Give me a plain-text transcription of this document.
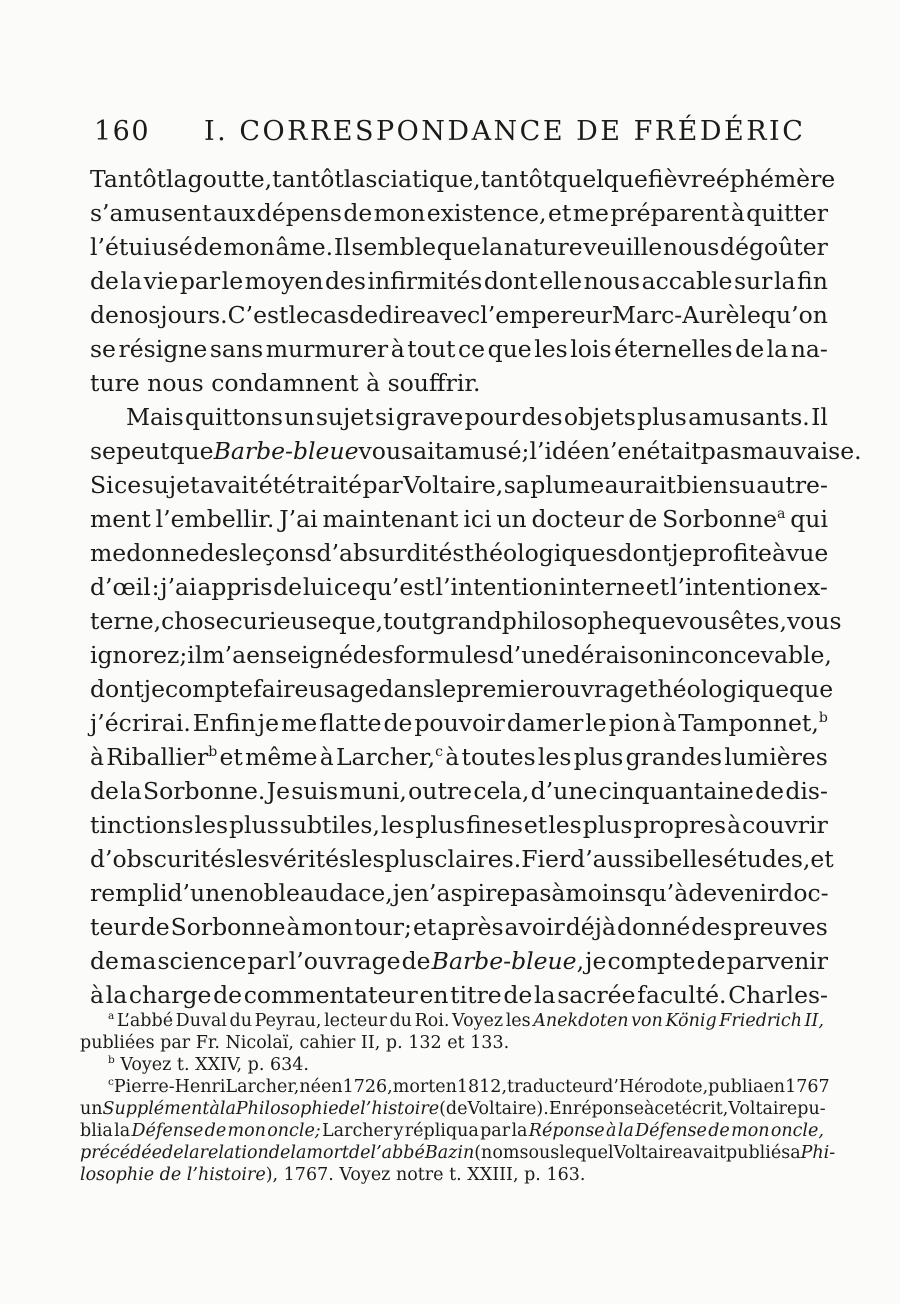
160	I. CORRESPONDANCE DE FRÉDÉRIC
Tantôt la goutte, tantôt la sciatique, tantôt quelque fièvre éphémère
s’amusent aux dépens de mon existence, et me préparent à quitter
l’étui usé de mon âme. Il semble que la nature veuille nous dégoûter
de la vie par le moyen des infirmités dont elle nous accable sur la fin
de nos jours. C’est le cas de dire avec l’empereur Marc-Aurèle qu’on
se résigne sans murmurer à tout ce que les lois éternelles de la na-
ture
nous
condamnent
à
souffrir.

Mais quittons un sujet si grave pour des objets plus amusants. Il
se peut que Barbe-bleue vous ait amusé; l’idée n’en était pas mauvaise.
Si ce sujet avait été traité par Voltaire, sa plume aurait bien su autre-
ment l’embellir. J’ai maintenant ici un docteur de Sorbonne$^a$ qui
me donne des leçons d’absurdités théologiques dont je profite à vue
d’œil : j’ai appris de lui ce qu’est l’intention interne et l’intention ex-
terne, chose curieuse que, tout grand philosophe que vous êtes, vous
ignorez; il m’a enseigné des formules d’une déraison inconcevable,
dont je compte faire usage dans le premier ouvrage théologique que
j’écrirai. Enfin je me flatte de pouvoir damer le pion à Tamponnet,$^b$
à Riballier$^b$ et même à Larcher,$^c$ à toutes les plus grandes lumières
de la Sorbonne. Je suis muni, outre cela, d’une cinquantaine de dis-
tinctions les plus subtiles, les plus fines et les plus propres à couvrir
d’obscurités les vérités les plus claires. Fier d’aussi belles études, et
rempli d’une noble audace, je n’aspire pas à moins qu’à devenir doc-
teur de Sorbonne à mon tour; et après avoir déjà donné des preuves
de ma science par l’ouvrage de Barbe-bleue, je compte de parvenir
à la charge de commentateur en titre de la sacrée faculté. Charles-
$^a$ L’abbé Duval du Peyrau, lecteur du Roi. Voyez les Anekdoten von König Friedrich II,
publiées
par
Fr.
Nicolaï,
cahier
II,
p.
132
et
133.

$^b$
Voyez
t.
XXIV,
p.
634.

$^c$ Pierre-Henri Larcher, né en 1726, mort en 1812, traducteur d’Hérodote, publia en 1767
un Supplément à la Philosophie de l’histoire (de Voltaire). En réponse à cet écrit, Voltaire pu-
blia la Défense de mon oncle; Larcher y répliqua par la Réponse à la Défense de mon oncle,
précédée de la relation de la mort de l’abbé Bazin (nom sous lequel Voltaire avait publié sa Phi-
losophie
de
l’histoire),
1767.
Voyez
notre
t.
XXIII,
p.
163.
